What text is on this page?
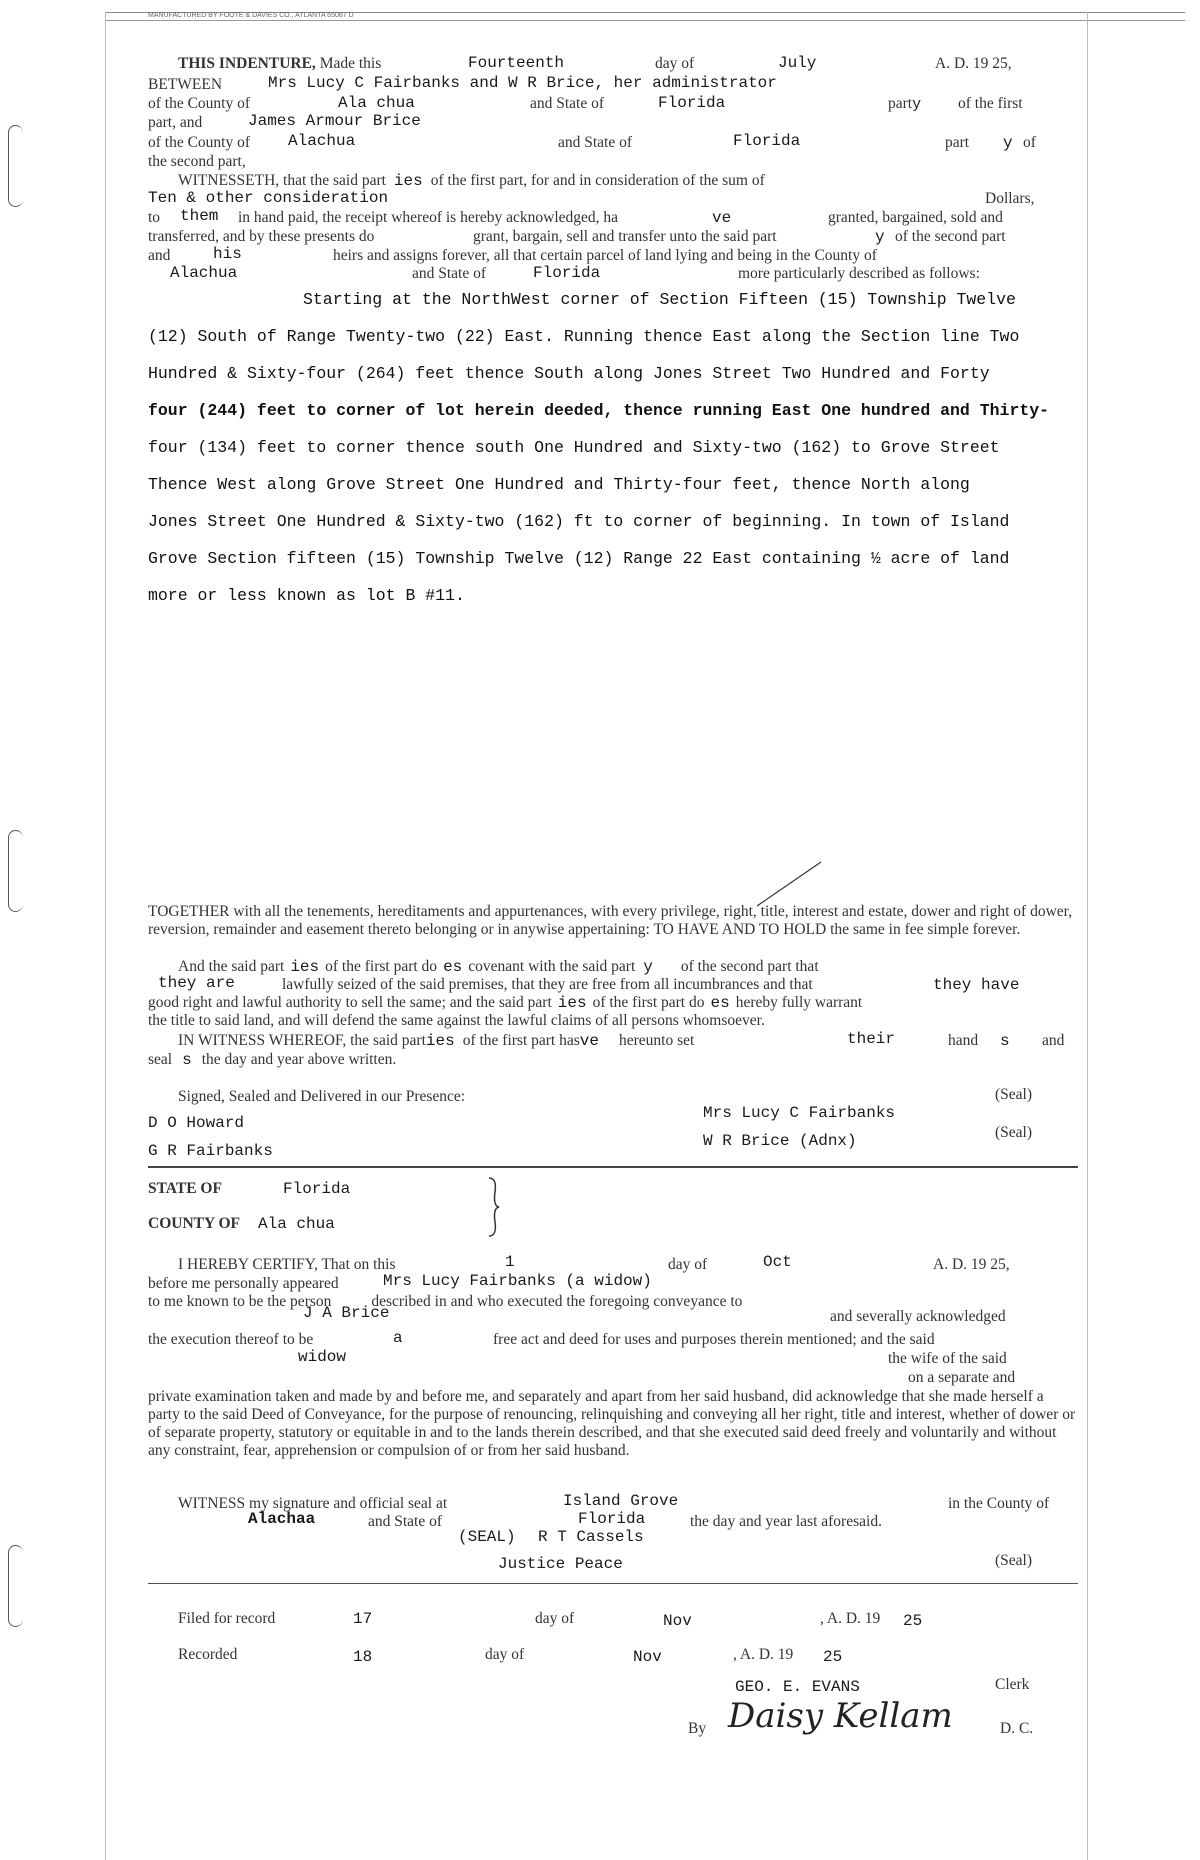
MANUFACTURED BY FOOTE & DAVIES CO., ATLANTA 65087 D
THIS INDENTURE, Made this	Fourteenth	day of	July	A. D. 19 25,
BETWEEN	Mrs Lucy C Fairbanks and W R Brice, her administrator
of the County of	Ala chua	and State of	Florida	party of the first
part, and	James Armour Brice
of the County of Alachua	and State of	Florida	part y of
the second part,
WITNESSETH, that the said part ies of the first part, for and in consideration of the sum of
Ten & other consideration	Dollars,
to them in hand paid, the receipt whereof is hereby acknowledged, ha	ve	granted, bargained, sold and
transferred, and by these presents do	grant, bargain, sell and transfer unto the said part	y of the second part
and	his	heirs and assigns forever, all that certain parcel of land lying and being in the County of
Alachua	and State of	Florida	more particularly described as follows:
Starting at the NorthWest corner of Section Fifteen (15) Township Twelve
(12) South of Range Twenty-two (22) East. Running thence East along the Section line Two
Hundred & Sixty-four (264) feet thence South along Jones Street Two Hundred and Forty
four (244) feet to corner of lot herein deeded, thence running East One hundred and Thirty-
four (134) feet to corner thence south One Hundred and Sixty-two (162) to Grove Street
Thence West along Grove Street One Hundred and Thirty-four feet, thence North along
Jones Street One Hundred & Sixty-two (162) ft to corner of beginning. In town of Island
Grove Section fifteen (15) Township Twelve (12) Range 22 East containing ½ acre of land
more or less known as lot B #11.
TOGETHER with all the tenements, hereditaments and appurtenances, with every privilege, right, title, interest and estate, dower and right of dower, reversion, remainder and easement thereto belonging or in anywise appertaining: TO HAVE AND TO HOLD the same in fee simple forever.
And the said part ies of the first part do es covenant with the said part y of the second part that
they are	lawfully seized of the said premises, that they are free from all incumbrances and that	they have
good right and lawful authority to sell the same; and the said part ies of the first part do es hereby fully warrant
the title to said land, and will defend the same against the lawful claims of all persons whomsoever.
IN WITNESS WHEREOF, the said parties of the first part hasve hereunto set	their	hand s and
seal s the day and year above written.
Signed, Sealed and Delivered in our Presence:	(Seal)
Mrs Lucy C Fairbanks
D O Howard
(Seal)
W R Brice (Adnx)
G R Fairbanks
STATE OF	Florida
COUNTY OF Ala chua
I HEREBY CERTIFY, That on this	1	day of	Oct	A. D. 19 25,
before me personally appeared	Mrs Lucy Fairbanks (a widow)
to me known to be the person	described in and who executed the foregoing conveyance to
J A Brice	and severally acknowledged
the execution thereof to be	a	free act and deed for uses and purposes therein mentioned; and the said
widow	the wife of the said
on a separate and
private examination taken and made by and before me, and separately and apart from her said husband, did acknowledge that she made herself a party to the said Deed of Conveyance, for the purpose of renouncing, relinquishing and conveying all her right, title and interest, whether of dower or of separate property, statutory or equitable in and to the lands therein described, and that she executed said deed freely and voluntarily and without any constraint, fear, apprehension or compulsion of or from her said husband.
WITNESS my signature and official seal at	Island Grove	in the County of
Alachaa	and State of	Florida	the day and year last aforesaid.
(SEAL) R T Cassels
Justice Peace	(Seal)
Filed for record	17	day of	Nov	, A. D. 19 25
Recorded	18	day of	Nov	, A. D. 19 25
GEO. E. EVANS	Clerk
By Daisy Kellam	D. C.
